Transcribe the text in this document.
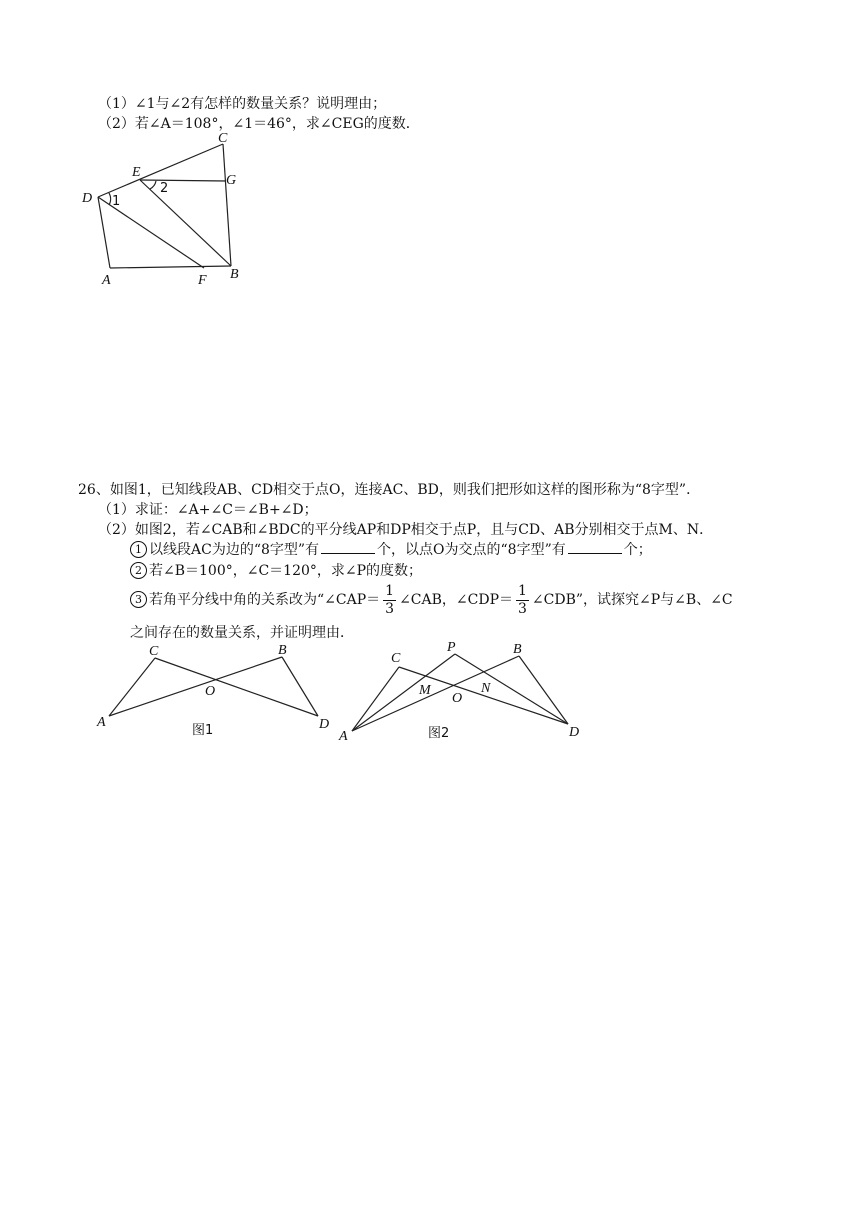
（1）∠1与∠2有怎样的数量关系？说明理由；
（2）若∠A＝108°，∠1＝46°，求∠CEG的度数．
C
E
G
D 1
2
A	F B
26、如图1，已知线段AB、CD相交于点O，连接AC、BD，则我们把形如这样的图形称为“8字型”．
（1）求证：∠A+∠C＝∠B+∠D；
（2）如图2，若∠CAB和∠BDC的平分线AP和DP相交于点P，且与CD、AB分别相交于点M、N．
1 以线段AC为边的“8字型”有	个，以点O为交点的“8字型”有	个；
2 若∠B＝100°，∠C＝120°，求∠P的度数；
3 若角平分线中角的关系改为“∠CAP＝ $\frac{1}{3}$ ∠CAB，∠CDP＝ $\frac{1}{3}$ ∠CDB”，试探究∠P与∠B、∠C
之间存在的数量关系，并证明理由．
C	B
O
A	D
图1
C
P	B
M
O
N
A	D
图2
